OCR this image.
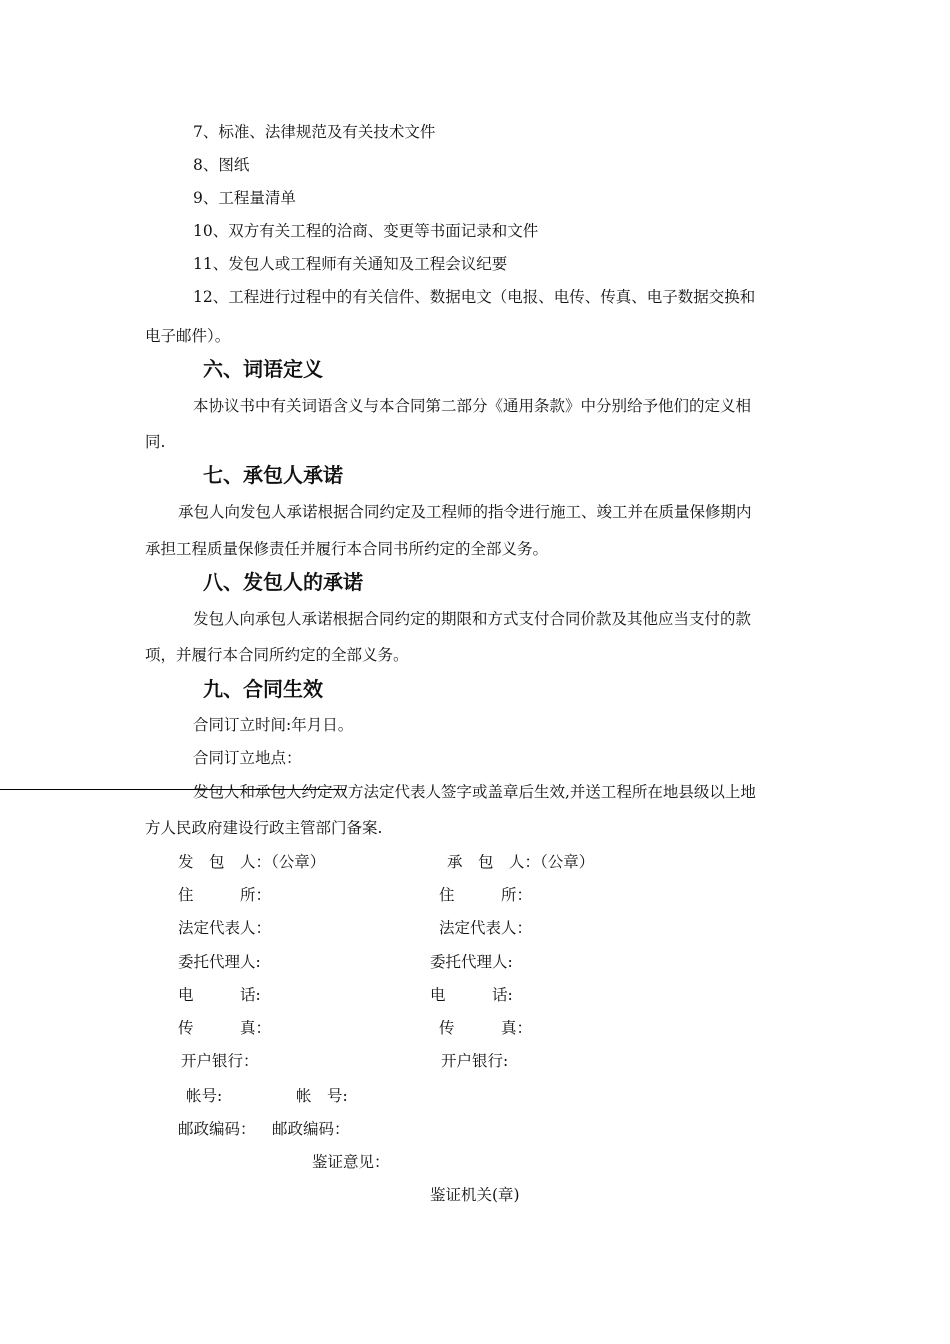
7、标准、法律规范及有关技术文件
8、图纸
9、工程量清单
10、双方有关工程的洽商、变更等书面记录和文件
11、发包人或工程师有关通知及工程会议纪要
12、工程进行过程中的有关信件、数据电文（电报、电传、传真、电子数据交换和
电子邮件）。
六、词语定义
本协议书中有关词语含义与本合同第二部分《通用条款》中分别给予他们的定义相
同.
七、承包人承诺
承包人向发包人承诺根据合同约定及工程师的指令进行施工、竣工并在质量保修期内
承担工程质量保修责任并履行本合同书所约定的全部义务。
八、发包人的承诺
发包人向承包人承诺根据合同约定的期限和方式支付合同价款及其他应当支付的款
项，并履行本合同所约定的全部义务。
九、合同生效
合同订立时间:年月日。
合同订立地点：
发包人和承包人约定双方法定代表人签字或盖章后生效,并送工程所在地县级以上地
方人民政府建设行政主管部门备案.
发　包　人：（公章）
住　　　所：
法定代表人：
委托代理人:
电　　　话:
传　　　真：
开户银行：
承　包　人：（公章）
住　　　所：
法定代表人：
委托代理人:
电　　　话:
传　　　真：
开户银行:
帐号:	帐　号:
邮政编码： 邮政编码：
鉴证意见：
鉴证机关(章)
